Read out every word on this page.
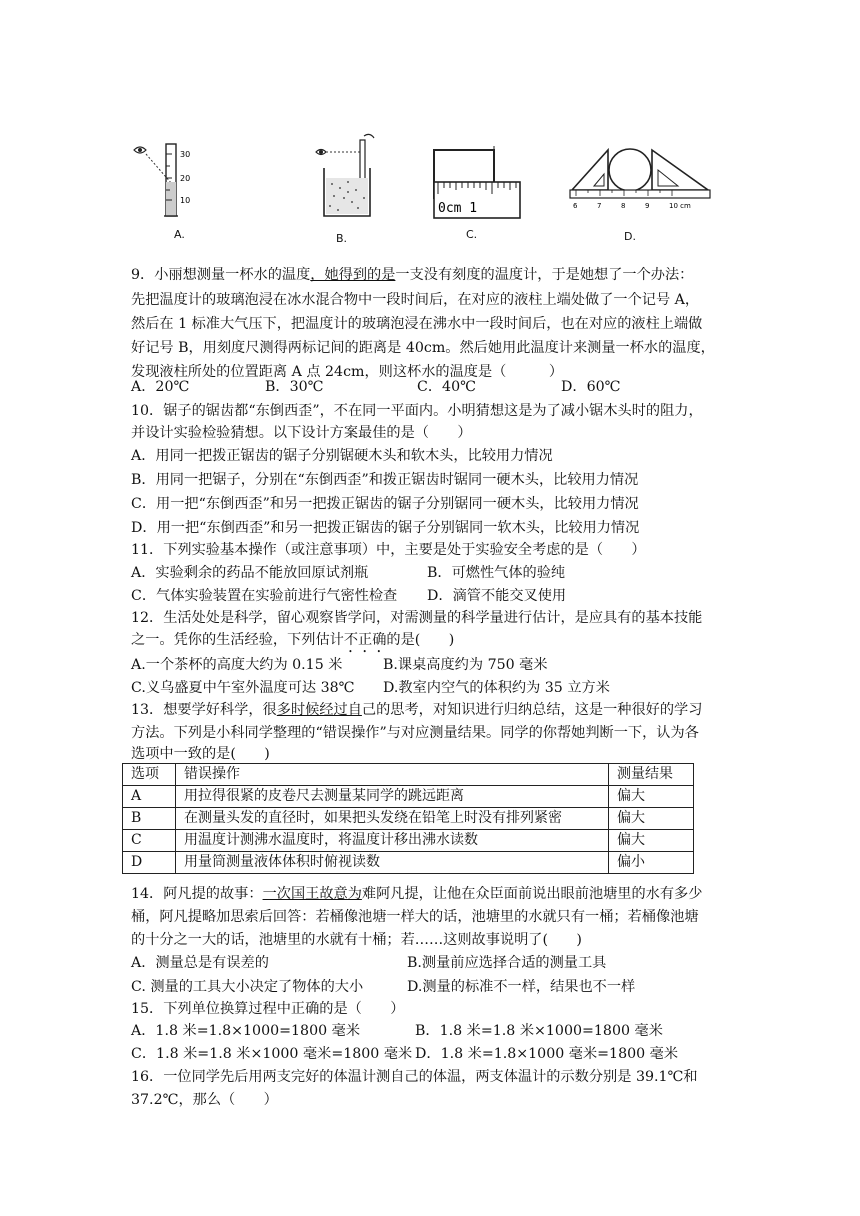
30
20
10
A.	B.
0cm 1
C.
6	7	8	9	10 cm
D.
9．小丽想测量一杯水的温度，她得到的是一支没有刻度的温度计，于是她想了一个办法：
先把温度计的玻璃泡浸在冰水混合物中一段时间后，在对应的液柱上端处做了一个记号 A，
然后在 1 标准大气压下，把温度计的玻璃泡浸在沸水中一段时间后，也在对应的液柱上端做
好记号 B，用刻度尺测得两标记间的距离是 40cm。然后她用此温度计来测量一杯水的温度，
发现液柱所处的位置距离 A 点 24cm，则这杯水的温度是（　　　）
A．20℃	B．30℃	C．40℃	D．60℃
10．锯子的锯齿都“东倒西歪”，不在同一平面内。小明猜想这是为了减小锯木头时的阻力，
并设计实验检验猜想。以下设计方案最佳的是（　　）
A．用同一把拨正锯齿的锯子分别锯硬木头和软木头，比较用力情况
B．用同一把锯子，分别在“东倒西歪”和拨正锯齿时锯同一硬木头，比较用力情况
C．用一把“东倒西歪”和另一把拨正锯齿的锯子分别锯同一硬木头，比较用力情况
D．用一把“东倒西歪”和另一把拨正锯齿的锯子分别锯同一软木头，比较用力情况
11．下列实验基本操作（或注意事项）中，主要是处于实验安全考虑的是（　　）
A．实验剩余的药品不能放回原试剂瓶	B．可燃性气体的验纯
C．气体实验装置在实验前进行气密性检查 D．滴管不能交叉使用
12．生活处处是科学，留心观察皆学问，对需测量的科学量进行估计，是应具有的基本技能
之一。凭你的生活经验，下列估计不正确的是(　　)
A.一个茶杯的高度大约为 0.15 米	B.课桌高度约为 750 毫米
C.义乌盛夏中午室外温度可达 38℃ D.教室内空气的体积约为 35 立方米
13．想要学好科学，很多时候经过自己的思考，对知识进行归纳总结，这是一种很好的学习
方法。下列是小科同学整理的“错误操作”与对应测量结果。同学的你帮她判断一下，认为各
选项中一致的是(　　)
选项	错误操作	测量结果
A	用拉得很紧的皮卷尺去测量某同学的跳远距离	偏大
B	在测量头发的直径时，如果把头发绕在铅笔上时没有排列紧密	偏大
C	用温度计测沸水温度时，将温度计移出沸水读数	偏大
D	用量筒测量液体体积时俯视读数	偏小
14．阿凡提的故事：一次国王故意为难阿凡提，让他在众臣面前说出眼前池塘里的水有多少
桶，阿凡提略加思索后回答：若桶像池塘一样大的话，池塘里的水就只有一桶；若桶像池塘
的十分之一大的话，池塘里的水就有十桶；若……这则故事说明了(　　)
A．测量总是有误差的	B.测量前应选择合适的测量工具
C. 测量的工具大小决定了物体的大小	D.测量的标准不一样，结果也不一样
15．下列单位换算过程中正确的是（　　）
A．1.8 米=1.8×1000=1800 毫米	B．1.8 米=1.8 米×1000=1800 毫米
C．1.8 米=1.8 米×1000 毫米=1800 毫米 D．1.8 米=1.8×1000 毫米=1800 毫米
16．一位同学先后用两支完好的体温计测自己的体温，两支体温计的示数分别是 39.1℃和
37.2℃，那么（　　）
